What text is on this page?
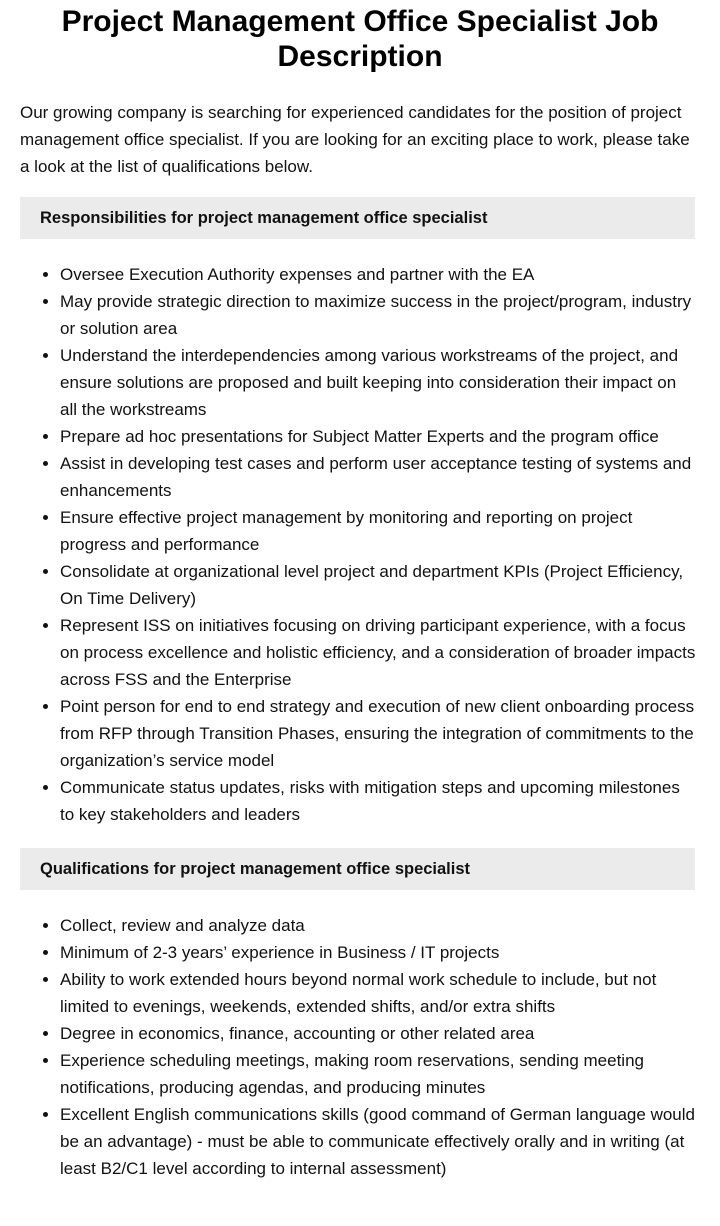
Project Management Office Specialist Job Description

Our growing company is searching for experienced candidates for the position of project management office specialist. If you are looking for an exciting place to work, please take a look at the list of qualifications below.

Responsibilities for project management office specialist
• Oversee Execution Authority expenses and partner with the EA
• May provide strategic direction to maximize success in the project/program, industry or solution area
• Understand the interdependencies among various workstreams of the project, and ensure solutions are proposed and built keeping into consideration their impact on all the workstreams
• Prepare ad hoc presentations for Subject Matter Experts and the program office
• Assist in developing test cases and perform user acceptance testing of systems and enhancements
• Ensure effective project management by monitoring and reporting on project progress and performance
• Consolidate at organizational level project and department KPIs (Project Efficiency, On Time Delivery)
• Represent ISS on initiatives focusing on driving participant experience, with a focus on process excellence and holistic efficiency, and a consideration of broader impacts across FSS and the Enterprise
• Point person for end to end strategy and execution of new client onboarding process from RFP through Transition Phases, ensuring the integration of commitments to the organization’s service model
• Communicate status updates, risks with mitigation steps and upcoming milestones to key stakeholders and leaders
Qualifications for project management office specialist
• Collect, review and analyze data
• Minimum of 2-3 years’ experience in Business / IT projects
• Ability to work extended hours beyond normal work schedule to include, but not limited to evenings, weekends, extended shifts, and/or extra shifts
• Degree in economics, finance, accounting or other related area
• Experience scheduling meetings, making room reservations, sending meeting notifications, producing agendas, and producing minutes
• Excellent English communications skills (good command of German language would be an advantage) - must be able to communicate effectively orally and in writing (at least B2/C1 level according to internal assessment)
